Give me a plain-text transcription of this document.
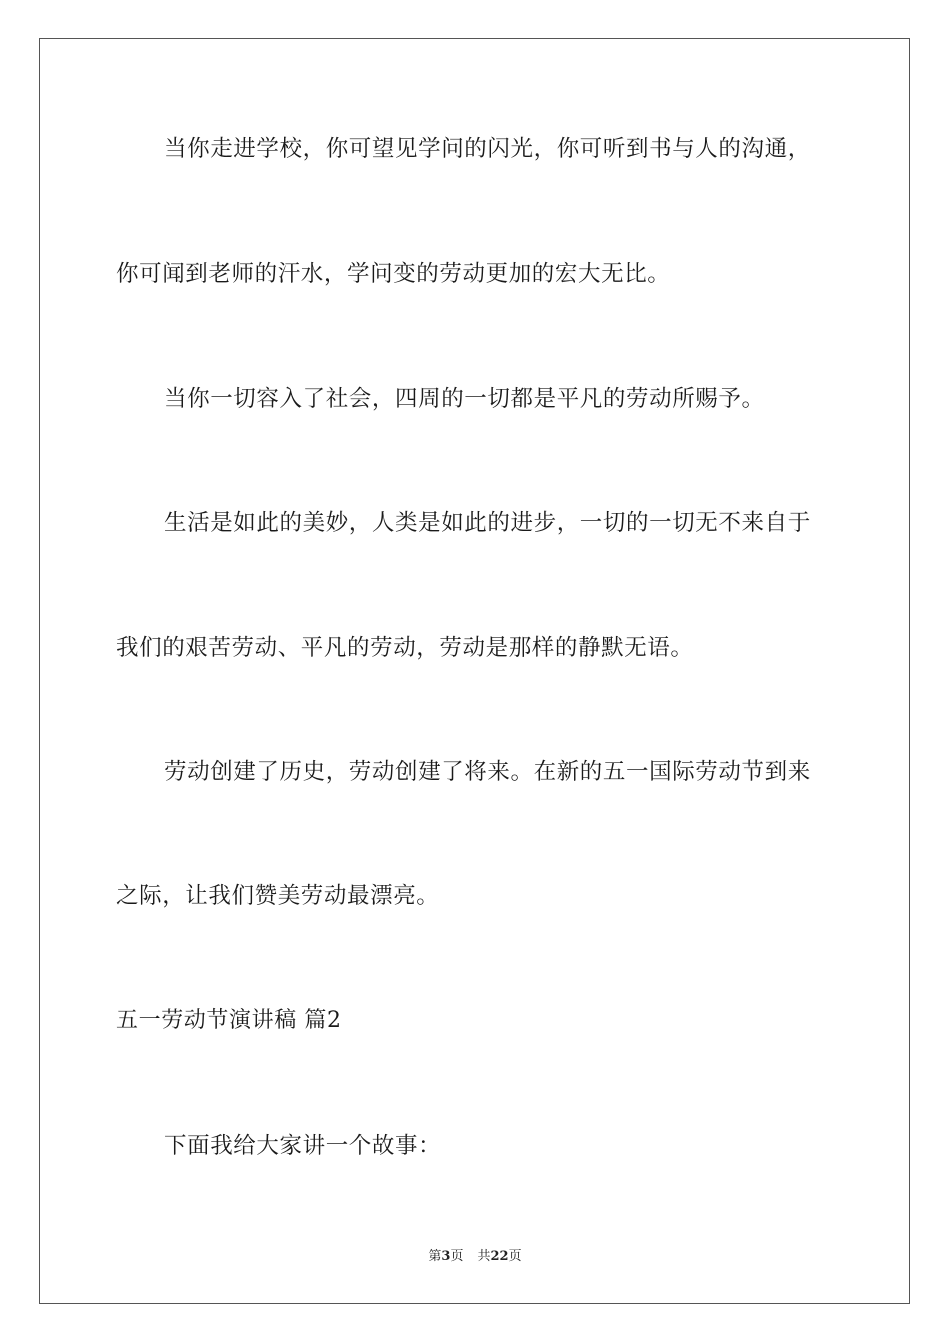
当你走进学校，你可望见学问的闪光，你可听到书与人的沟通，
你可闻到老师的汗水，学问变的劳动更加的宏大无比。
当你一切容入了社会，四周的一切都是平凡的劳动所赐予。
生活是如此的美妙，人类是如此的进步，一切的一切无不来自于
我们的艰苦劳动、平凡的劳动，劳动是那样的静默无语。
劳动创建了历史，劳动创建了将来。在新的五一国际劳动节到来
之际，让我们赞美劳动最漂亮。
五一劳动节演讲稿 篇2
下面我给大家讲一个故事：
第3页 共22页
